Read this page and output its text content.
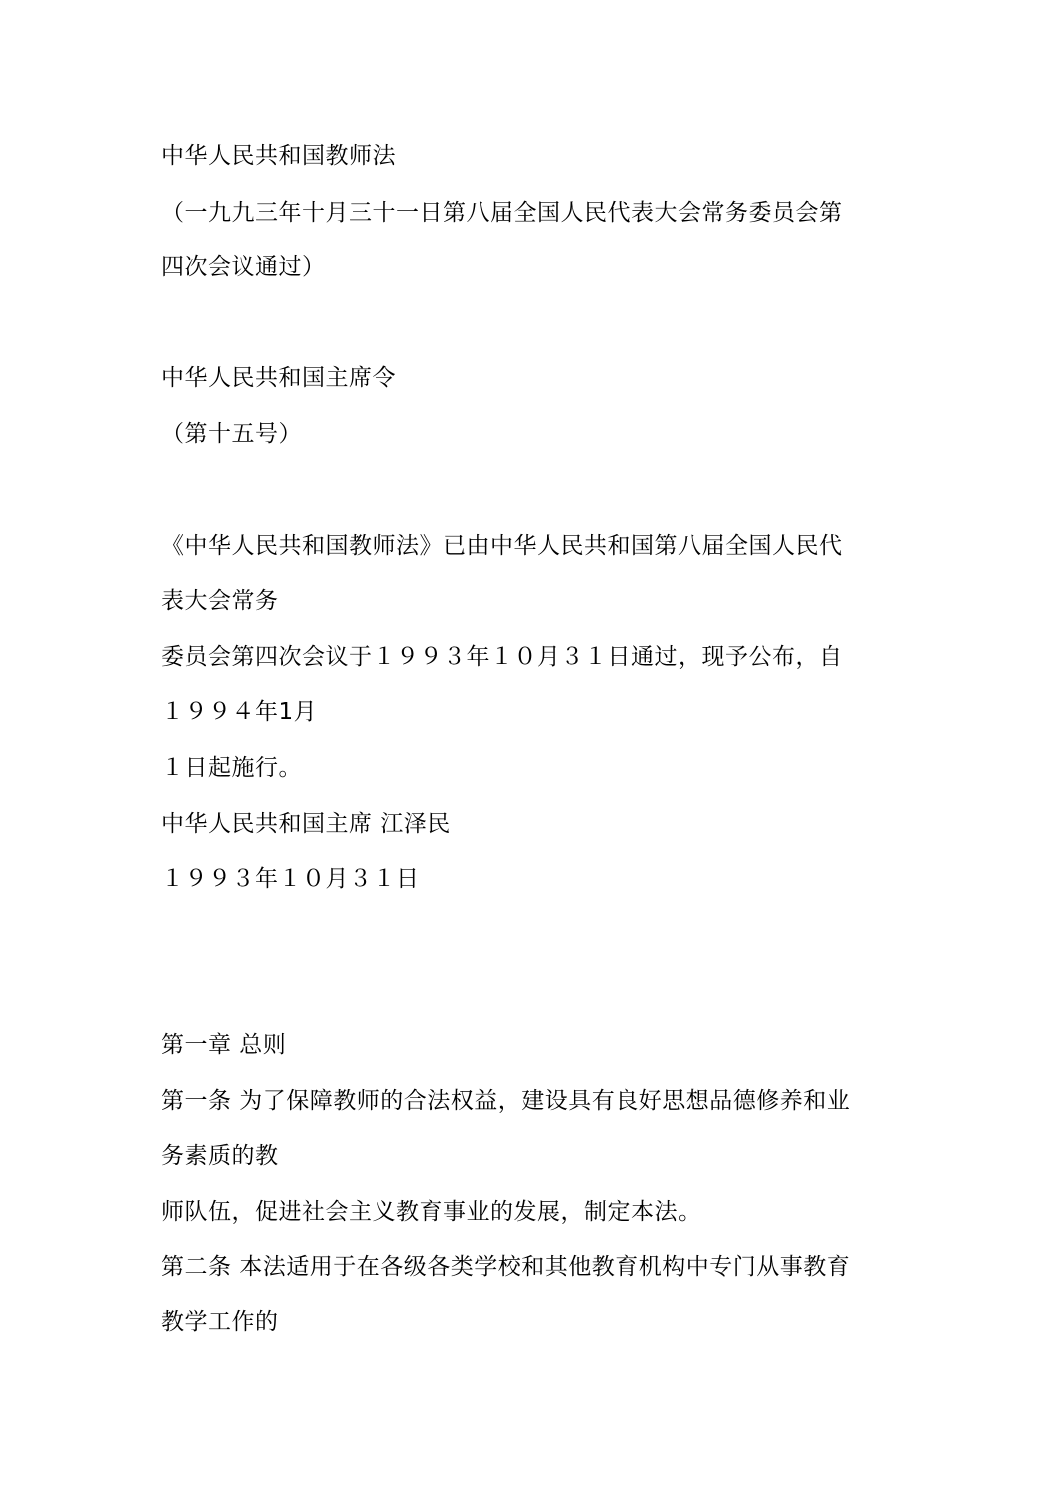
中华人民共和国教师法
（一九九三年十月三十一日第八届全国人民代表大会常务委员会第
四次会议通过）
中华人民共和国主席令
（第十五号）
《中华人民共和国教师法》已由中华人民共和国第八届全国人民代
表大会常务
委员会第四次会议于１９９３年１０月３１日通过，现予公布，自
１９９４年1月
１日起施行。
中华人民共和国主席 江泽民
１９９３年１０月３１日
第一章 总则
第一条 为了保障教师的合法权益，建设具有良好思想品德修养和业
务素质的教
师队伍，促进社会主义教育事业的发展，制定本法。
第二条 本法适用于在各级各类学校和其他教育机构中专门从事教育
教学工作的
